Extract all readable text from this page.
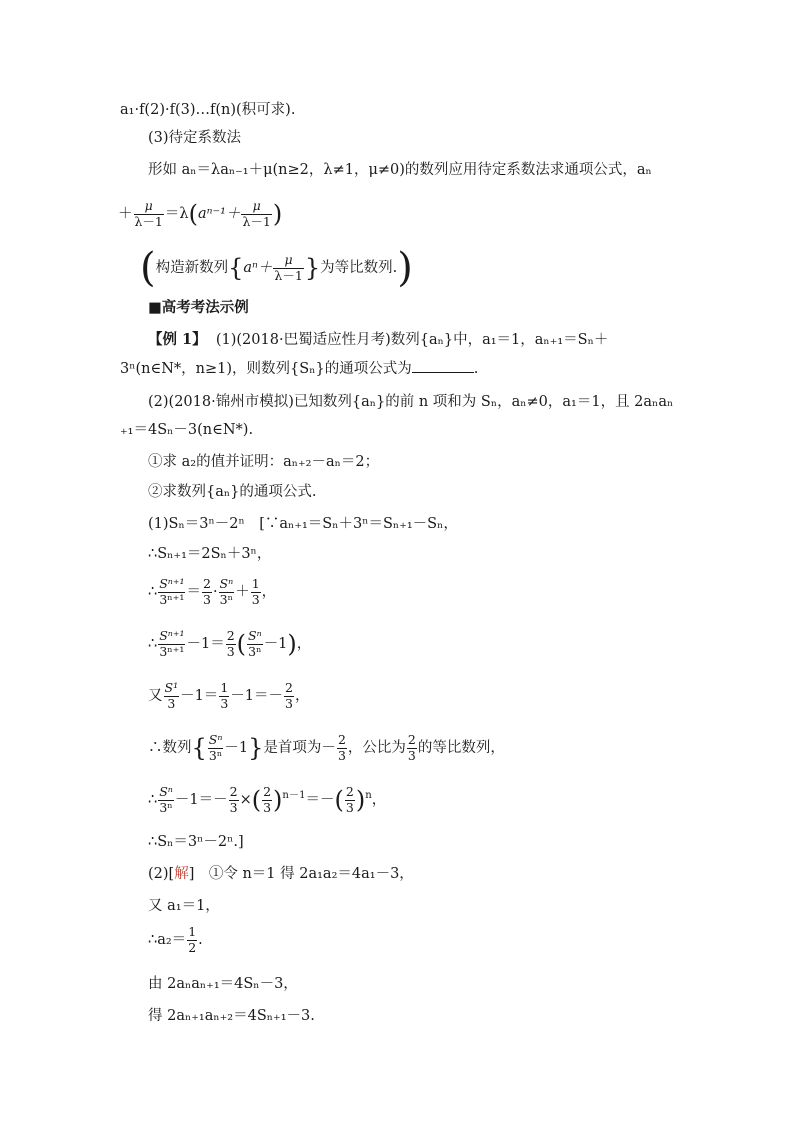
a₁·f(2)·f(3)…f(n)(积可求).
(3)待定系数法
形如 aₙ＝λaₙ₋₁＋μ(n≥2，λ≠1，μ≠0)的数列应用待定系数法求通项公式，aₙ
＋ $\frac{\mu}{\lambda-1} =\lambda(a^{n-1}+ \frac{\mu}{\lambda-1}$ )
(构造新数列{$a^n+ \frac{\mu}{\lambda-1}$ }为等比数列.)
■高考考法示例
【例 1】 (1)(2018·巴蜀适应性月考)数列{aₙ}中，a₁＝1，aₙ₊₁＝Sₙ＋
3ⁿ(n∈N*，n≥1)，则数列{Sₙ}的通项公式为	.
(2)(2018·锦州市模拟)已知数列{aₙ}的前 n 项和为 Sₙ，aₙ≠0，a₁＝1，且 2aₙaₙ
₊₁＝4Sₙ－3(n∈N*).
①求 a₂的值并证明：aₙ₊₂－aₙ＝2；
②求数列{aₙ}的通项公式.
(1)Sₙ＝3ⁿ－2ⁿ　[∵aₙ₊₁＝Sₙ＋3ⁿ＝Sₙ₊₁－Sₙ，
∴Sₙ₊₁＝2Sₙ＋3ⁿ，
∴ $\frac{\text{Sⁿ⁺¹}}{\text{3ⁿ⁺¹}} = \frac{2}{3} \cdot \frac{\text{Sⁿ}}{\text{3ⁿ}} + \frac{1}{3}$ ，
∴ $\frac{\text{Sⁿ⁺¹}}{\text{3ⁿ⁺¹}} -1= \frac{2}{3}$ ( $\frac{\text{Sⁿ}}{\text{3ⁿ}} -1$)，
又 $\frac{\text{S¹}}{3} -1= \frac{1}{3} -1=- \frac{2}{3}$ ，
∴数列{ $\frac{\text{Sⁿ}}{\text{3ⁿ}} -1$}是首项为－ $\frac{2}{3}$ ，公比为 $\frac{2}{3}$ 的等比数列，
∴ $\frac{\text{Sⁿ}}{\text{3ⁿ}} -1=- \frac{2}{3}$ ×( $\frac{2}{3} )^{n-1}=-( \frac{2}{3} )^n$，
∴Sₙ＝3ⁿ－2ⁿ.]
(2)[解]　①令 n＝1 得 2a₁a₂＝4a₁－3，
又 a₁＝1，
∴a₂＝ $\frac{1}{2}$ .
由 2aₙaₙ₊₁＝4Sₙ－3，
得 2aₙ₊₁aₙ₊₂＝4Sₙ₊₁－3.
